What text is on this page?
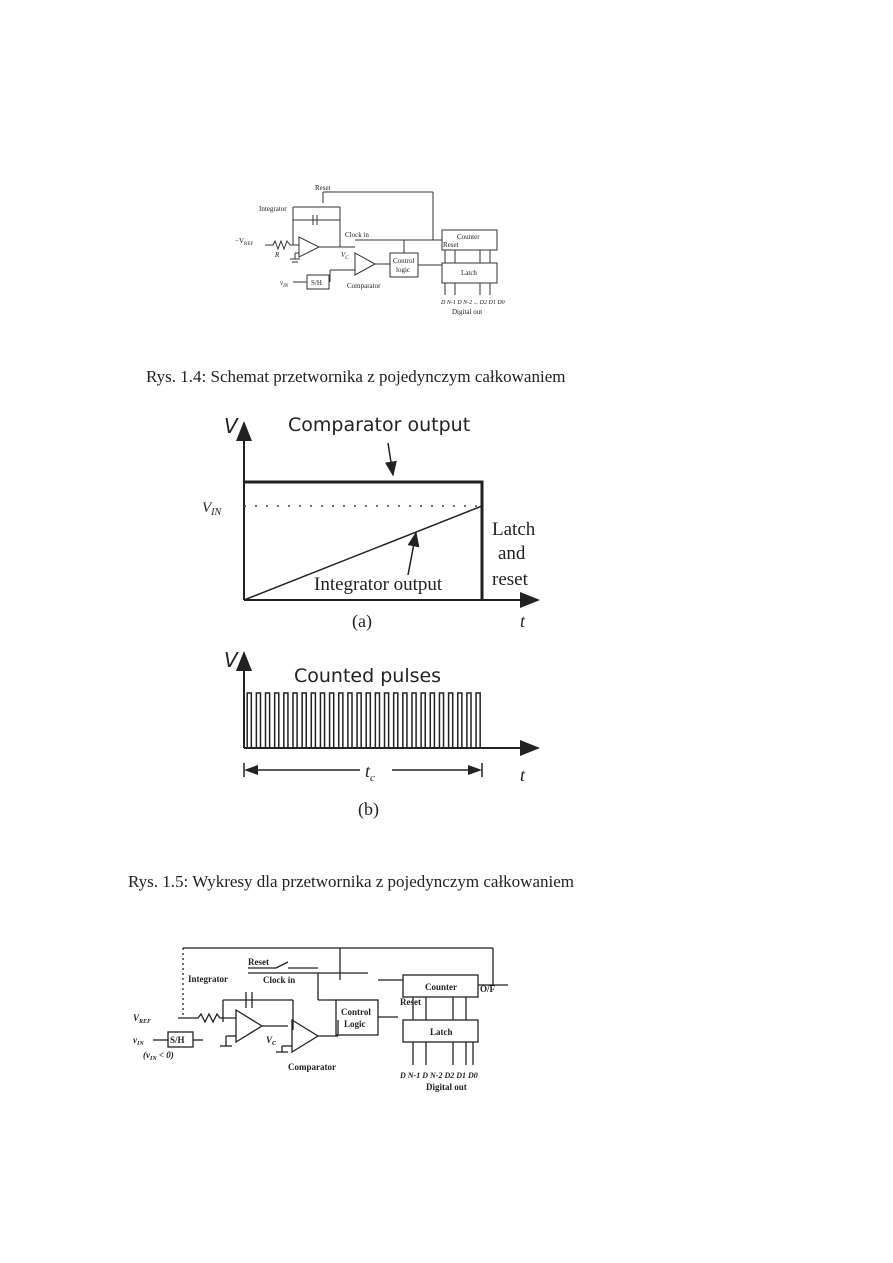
Reset
Integrator
$-V_{REF}$
R
Clock in
$V_C$	Control
logic
Counter
Reset
Latch
$v_{IN}$	S/H	Comparator
D N-1 D N-2 ... D2 D1 D0
Digital out
Rys. 1.4: Schemat przetwornika z pojedynczym całkowaniem
V	Comparator output
$V_{IN}$
Latch
and
reset
Integrator output
(a)	t
V
Counted pulses
$t_c$	t
(b)
Rys. 1.5: Wykresy dla przetwornika z pojedynczym całkowaniem
Reset
Integrator	Clock in
$V_{REF}$
$v_{IN}$	S/H
$(v_{IN} < 0)$
$V_C$
Comparator
Control
Logic
Counter
Reset
O/F
Latch
D N-1 D N-2 D2 D1 D0
Digital out
